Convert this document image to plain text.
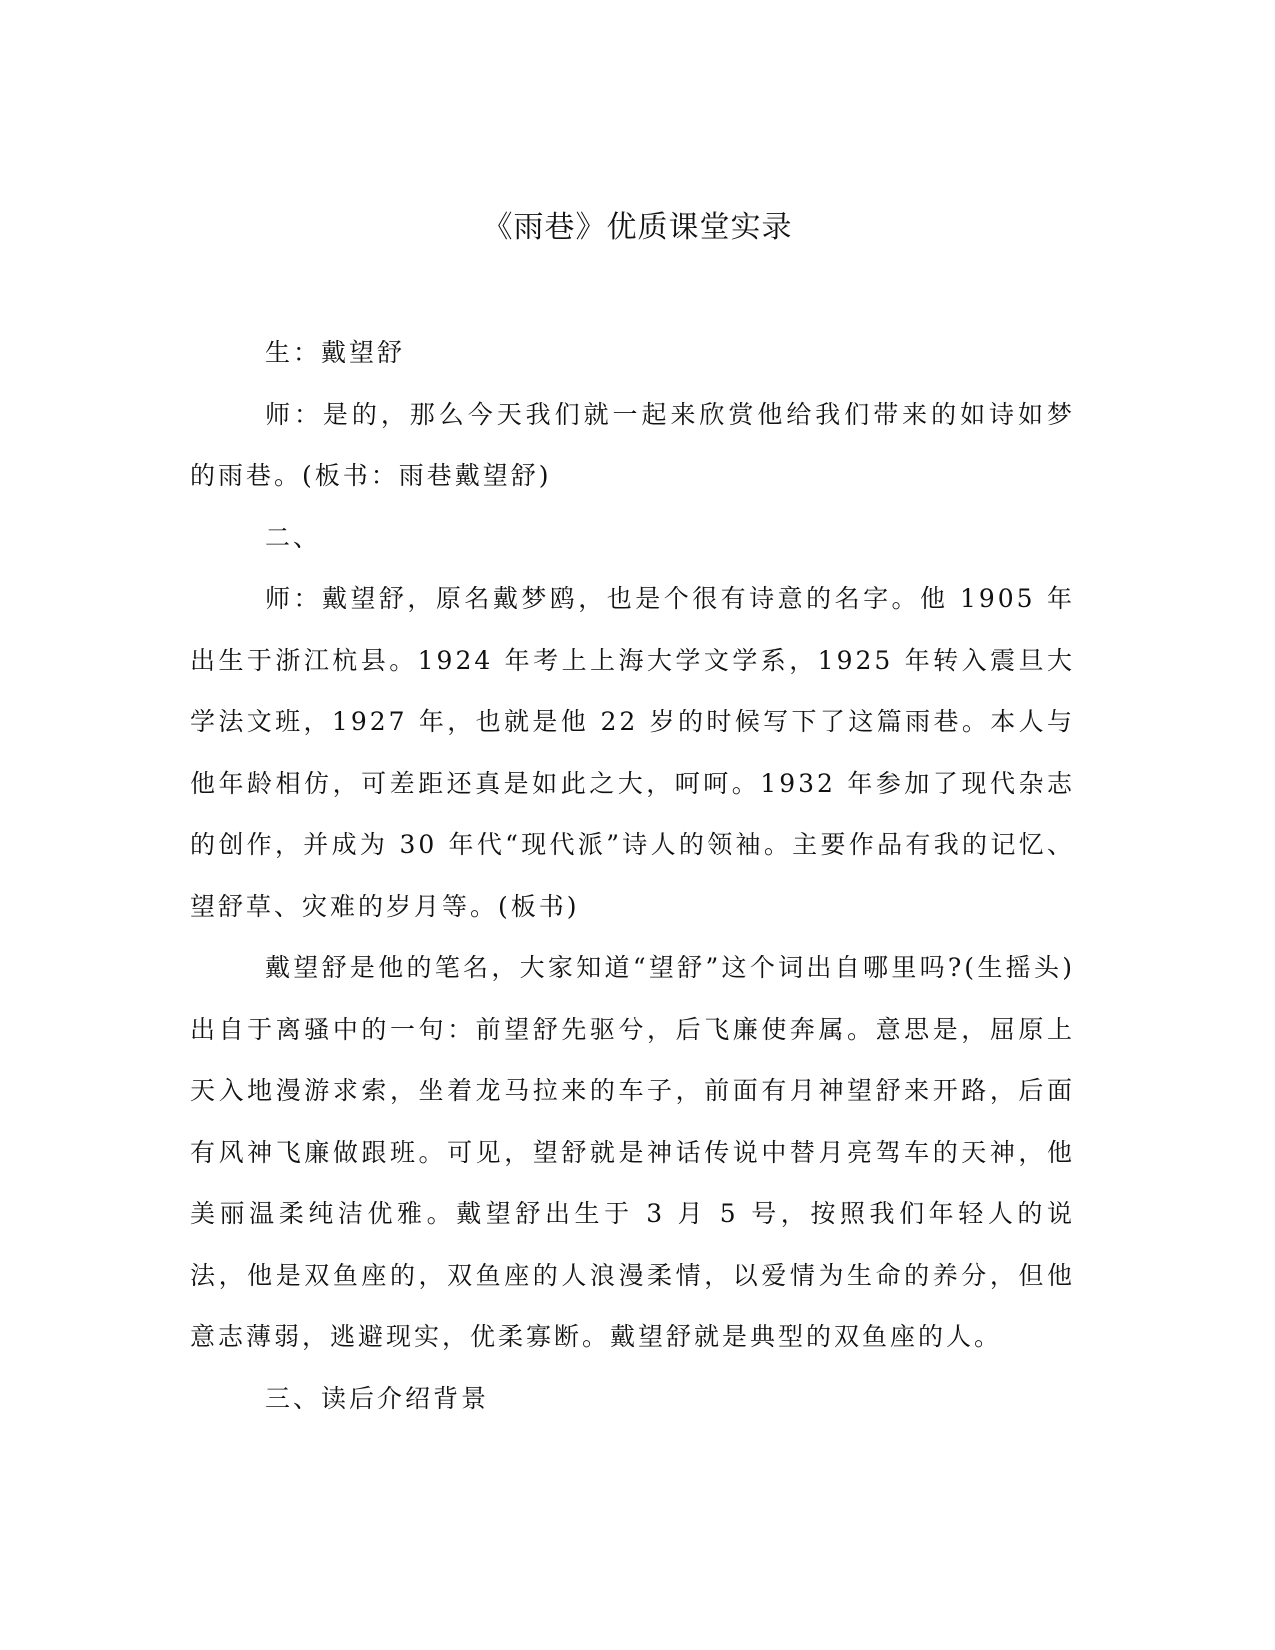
《雨巷》优质课堂实录

生：戴望舒

师：是的，那么今天我们就一起来欣赏他给我们带来的如诗如梦的雨巷。(板书：雨巷戴望舒)

二、

师：戴望舒，原名戴梦鸥，也是个很有诗意的名字。他 1905 年出生于浙江杭县。1924 年考上上海大学文学系，1925 年转入震旦大学法文班，1927 年，也就是他 22 岁的时候写下了这篇雨巷。本人与他年龄相仿，可差距还真是如此之大，呵呵。1932 年参加了现代杂志的创作，并成为 30 年代“现代派”诗人的领袖。主要作品有我的记忆、望舒草、灾难的岁月等。(板书)

戴望舒是他的笔名，大家知道“望舒”这个词出自哪里吗?(生摇头)出自于离骚中的一句：前望舒先驱兮，后飞廉使奔属。意思是，屈原上天入地漫游求索，坐着龙马拉来的车子，前面有月神望舒来开路，后面有风神飞廉做跟班。可见，望舒就是神话传说中替月亮驾车的天神，他美丽温柔纯洁优雅。戴望舒出生于 3 月 5 号，按照我们年轻人的说法，他是双鱼座的，双鱼座的人浪漫柔情，以爱情为生命的养分，但他意志薄弱，逃避现实，优柔寡断。戴望舒就是典型的双鱼座的人。

三、读后介绍背景
